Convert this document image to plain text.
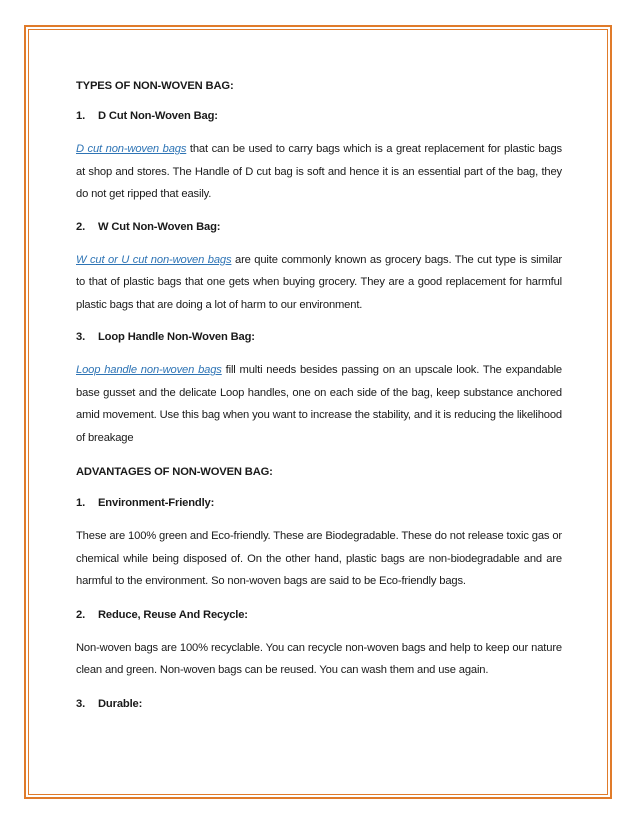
TYPES OF NON-WOVEN BAG:

1.	D Cut Non-Woven Bag:

D cut non-woven bags that can be used to carry bags which is a great replacement for plastic bags at shop and stores. The Handle of D cut bag is soft and hence it is an essential part of the bag, they do not get ripped that easily.

2.	W Cut Non-Woven Bag:

W cut or U cut non-woven bags are quite commonly known as grocery bags. The cut type is similar to that of plastic bags that one gets when buying grocery. They are a good replacement for harmful plastic bags that are doing a lot of harm to our environment.

3.	Loop Handle Non-Woven Bag:

Loop handle non-woven bags fill multi needs besides passing on an upscale look. The expandable base gusset and the delicate Loop handles, one on each side of the bag, keep substance anchored amid movement. Use this bag when you want to increase the stability, and it is reducing the likelihood of breakage

ADVANTAGES OF NON-WOVEN BAG:

1.	Environment-Friendly:

These are 100% green and Eco-friendly. These are Biodegradable. These do not release toxic gas or chemical while being disposed of. On the other hand, plastic bags are non-biodegradable and are harmful to the environment. So non-woven bags are said to be Eco-friendly bags.

2.	Reduce, Reuse And Recycle:

Non-woven bags are 100% recyclable. You can recycle non-woven bags and help to keep our nature clean and green. Non-woven bags can be reused. You can wash them and use again.

3.	Durable:
